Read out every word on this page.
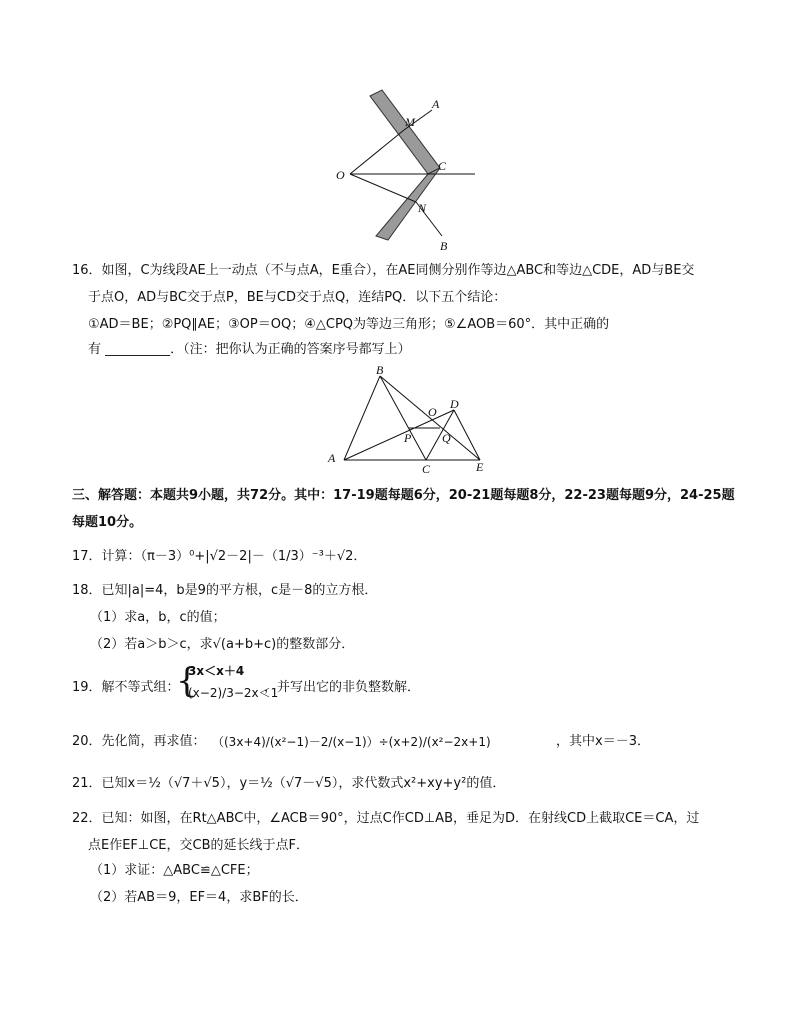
A
M
O
C
N
B
16．如图，C为线段AE上一动点（不与点A，E重合），在AE同侧分别作等边△ABC和等边△CDE，AD与BE交
于点O，AD与BC交于点P，BE与CD交于点Q，连结PQ．以下五个结论：
①AD＝BE；②PQ∥AE；③OP＝OQ；④△CPQ为等边三角形；⑤∠AOB＝60°．其中正确的
有 __________．（注：把你认为正确的答案序号都写上）
B
O
D
P	Q
A
C	E
三、解答题：本题共9小题，共72分。其中：17-19题每题6分，20-21题每题8分，22-23题每题9分，24-25题
每题10分。
17．计算：（π－3）⁰+|√2－2|－（1/3）⁻³＋√2．
18．已知|a|=4，b是9的平方根，c是－8的立方根．
（1）求a，b，c的值；
（2）若a＞b＞c，求√(a+b+c)的整数部分．
19．解不等式组：
{
3x＜x＋4
(x−2)/3−2x＜1
，并写出它的非负整数解．
20．先化简，再求值： （(3x+4)/(x²−1)－2/(x−1)）÷(x+2)/(x²−2x+1)	，其中x＝－3．
21．已知x＝½（√7＋√5），y＝½（√7－√5），求代数式x²+xy+y²的值．
22．已知：如图，在Rt△ABC中，∠ACB＝90°，过点C作CD⊥AB，垂足为D．在射线CD上截取CE＝CA，过
点E作EF⊥CE，交CB的延长线于点F．
（1）求证：△ABC≌△CFE；
（2）若AB＝9，EF＝4，求BF的长．
